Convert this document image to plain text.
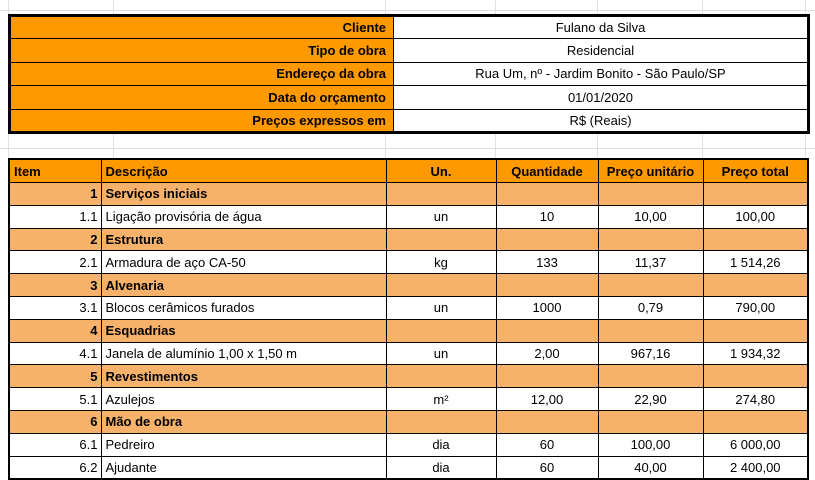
Cliente	Fulano da Silva
Tipo de obra	Residencial
Endereço da obra	Rua Um, nº - Jardim Bonito - São Paulo/SP
Data do orçamento	01/01/2020
Preços expressos em	R$ (Reais)
Item	Descrição	Un.	Quantidade	Preço unitário	Preço total
1	Serviços iniciais				
1.1	Ligação provisória de água	un	10	10,00	100,00
2	Estrutura				
2.1	Armadura de aço CA-50	kg	133	11,37	1 514,26
3	Alvenaria				
3.1	Blocos cerâmicos furados	un	1000	0,79	790,00
4	Esquadrias				
4.1	Janela de alumínio 1,00 x 1,50 m	un	2,00	967,16	1 934,32
5	Revestimentos				
5.1	Azulejos	m²	12,00	22,90	274,80
6	Mão de obra				
6.1	Pedreiro	dia	60	100,00	6 000,00
6.2	Ajudante	dia	60	40,00	2 400,00
